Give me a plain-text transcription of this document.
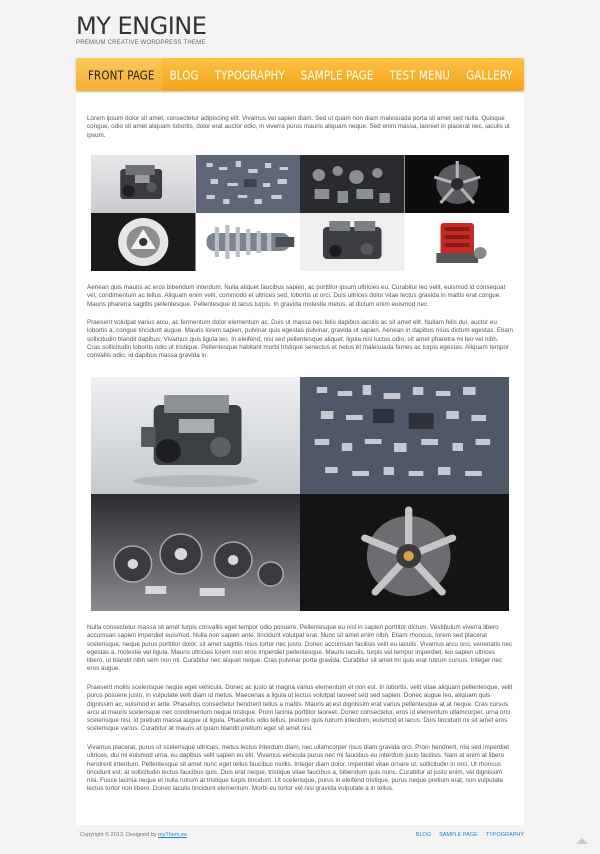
MY ENGINE
PREMIUM CREATIVE WORDPRESS THEME
FRONT PAGE	BLOG	TYPOGRAPHY	SAMPLE PAGE	TEST MENU	GALLERY

Lorem ipsum dolor sit amet, consectetur adipiscing elit. Vivamus vel sapien diam. Sed ut quam non diam malesuada porta sit amet sed nulla. Quisque congue, odio sit amet aliquam lobortis, dolor erat auctor odio, in viverra purus mauris aliquam neque. Sed enim massa, laoreet in placerat nec, iaculis ut ipsum.

Aenean quis mauris ac eros bibendum interdum. Nulla aliquet faucibus sapien, ac porttitor ipsum ultricies eu. Curabitur leo velit, euismod id consequat vel, condimentum ac tellus. Aliquam enim velit, commodo et ultrices sed, lobortis ut orci. Duis ultrices dolor vitae lectus gravida in mattis erat congue. Mauris pharetra sagittis pellentesque. Pellentesque id lacus turpis. In gravida molestie metus, at dictum enim euismod nec.

Praesent volutpat varius arcu, ac fermentum dolor elementum ac. Duis ut massa nec felis dapibus iaculis ac sit amet elit. Nullam felis dui, auctor eu lobortis a, congue tincidunt augue. Mauris lorem sapien, pulvinar quis egestas pulvinar, gravida ut sapien. Aenean in dapibus risus dictum egestas. Etiam sollicitudin blandit dapibus. Vivamus quis ligula leo. In eleifend, nisi sed pellentesque aliquet, ligula nisi luctus odio, sit amet pharetra mi leo vel nibh. Cras sollicitudin lobortis odio ut tristique. Pellentesque habitant morbi tristique senectus et netus et malesuada fames ac turpis egestas. Aliquam tempor convallis odio, id dapibus massa gravida in.

Nulla consectetur massa sit amet turpis convallis eget tempor odio posuere. Pellentesque eu nisl in sapien porttitor dictum. Vestibulum viverra libero accumsan sapien imperdiet euismod. Nulla non sapien ante, tincidunt volutpat erat. Nunc sit amet enim nibh. Etiam rhoncus, lorem sed placerat scelerisque, neque purus porttitor dolor, sit amet sagittis risus tortor nec justo. Donec accumsan facilisis velit eu iaculis. Vivamus arcu orci, venenatis nec egestas a, molestie vel ligula. Mauris ultricies lorem non eros imperdiet pellentesque. Mauris iaculis, turpis vel tempor imperdiet, leo sapien ultrices libero, ut blandit nibh sem non mi. Curabitur nec aliquet neque. Cras pulvinar porta gravida. Curabitur sit amet mi quis erat rutrum cursus. Integer nec eros augue.

Praesent mollis scelerisque neque eget vehicula. Donec ac justo at magna varius elementum et non est. In lobortis, velit vitae aliquam pellentesque, velit purus posuere justo, in vulputate velit diam id metus. Maecenas a ligula ut lectus volutpat laoreet sed sed sapien. Donec augue leo, aliquam quis dignissim ac, euismod in ante. Phasellus consectetur hendrerit tellus a mattis. Mauris at est dignissim erat varius pellentesque at at neque. Cras cursus arcu at mauris scelerisque nec condimentum neque tristique. Proin lacinia porttitor laoreet. Donec consectetur, eros id elementum ullamcorper, urna orci scelerisque nisi, id pretium massa augue ut ligula. Phasellus odio tellus, pretium quis rutrum interdum, euismod et lacus. Duis tincidunt mi sit amet eros scelerisque varius. Curabitur at mauris at quam blandit pretium eget sit amet nisl.

Vivamus placerat, purus ut scelerisque ultricies, metus lectus interdum diam, nec ullamcorper risus diam gravida orci. Proin hendrerit, nisi sed imperdiet ultrices, dui mi euismod urna, eu dapibus velit sapien eu elit. Vivamus vehicula purus nec mi faucibus eu interdum justo facilisis. Nam at enim at libero hendrerit interdum. Pellentesque sit amet nunc eget tellus faucibus mollis. Integer diam dolor, imperdiet vitae ornare ut, sollicitudin in orci. Ut rhoncus tincidunt est, at sollicitudin lectus faucibus quis. Duis erat neque, tristique vitae faucibus a, bibendum quis nunc. Curabitur at justo enim, vel dignissim nisi. Fusce lacinia neque et nulla rutrum at tristique turpis tincidunt. Ut scelerisque, purus in eleifend tristique, purus neque pretium erat, non vulputate lectus tortor non libero. Donec iaculis tincidunt elementum. Morbi eu tortor vel nisi gravida vulputate a in tellus.

Copyright © 2013. Designed by myThem.es	BLOG SAMPLE PAGE TYPOGRAPHY
